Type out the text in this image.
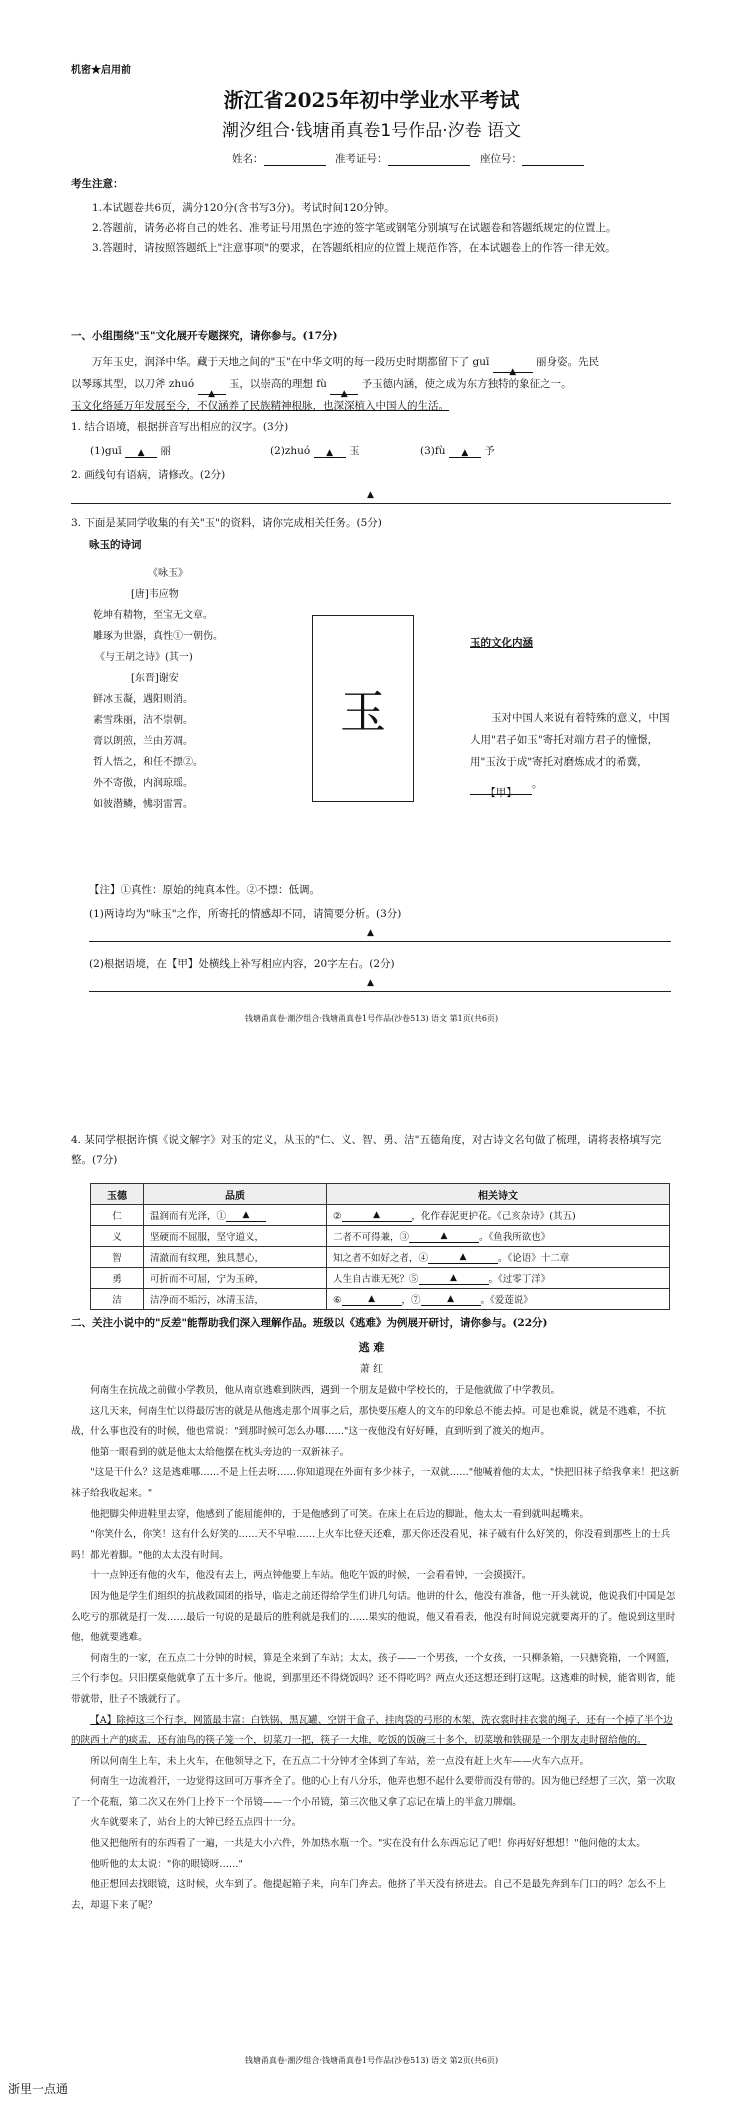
机密★启用前
浙江省2025年初中学业水平考试
潮汐组合·钱塘甬真卷1号作品·汐卷 语文
姓名：	准考证号：	座位号：
考生注意：
1.本试题卷共6页，满分120分(含书写3分)。考试时间120分钟。
2.答题前，请务必将自己的姓名、准考证号用黑色字迹的签字笔或钢笔分别填写在试题卷和答题纸规定的位置上。
3.答题时，请按照答题纸上"注意事项"的要求，在答题纸相应的位置上规范作答，在本试题卷上的作答一律无效。
一、小组围绕"玉"文化展开专题探究，请你参与。(17分)
万年玉史，润泽中华。藏于天地之间的"玉"在中华文明的每一段历史时期都留下了 guī ▲ 丽身姿。先民
以琴琢其型，以刀斧 zhuó ▲ 玉，以崇高的理想 fù ▲ 予玉德内涵，使之成为东方独特的象征之一。
玉文化络延万年发展至今，不仅涵养了民族精神根脉，也深深植入中国人的生活。
1. 结合语境，根据拼音写出相应的汉字。(3分)
(1)guī ▲ 丽	(2)zhuó ▲ 玉	(3)fù ▲ 予
2. 画线句有语病，请修改。(2分)
▲
3. 下面是某同学收集的有关"玉"的资料，请你完成相关任务。(5分)
咏玉的诗词
《咏玉》
[唐]韦应物
乾坤有精物，至宝无文章。
雕琢为世器，真性①一朝伤。
《与王胡之诗》(其一)
[东晋]谢安
鲜冰玉凝，遇阳则消。
素雪珠丽，洁不崇朝。
膏以朗煎，兰由芳凋。
哲人悟之，和任不摽②。
外不寄傲，内润琼瑶。
如彼潜鳞，怫羽雷霄。
玉
玉的文化内涵
玉对中国人来说有着特殊的意义，中国人用"君子如玉"寄托对端方君子的憧憬，用"玉汝于成"寄托对磨炼成才的希冀，【甲】。
【注】①真性：原始的纯真本性。②不摽：低调。
(1)两诗均为"咏玉"之作，所寄托的情感却不同，请简要分析。(3分)
▲
(2)根据语境，在【甲】处横线上补写相应内容，20字左右。(2分)
▲
钱塘甬真卷·潮汐组合·钱塘甬真卷1号作品(沙卷513) 语文 第1页(共6页)
4. 某同学根据许慎《说文解字》对玉的定义，从玉的"仁、义、智、勇、洁"五德角度，对古诗文名句做了梳理，请将表格填写完整。(7分)
玉德	品质	相关诗文
仁	温润而有光泽，① ▲	② ▲ ，化作春泥更护花。《己亥杂诗》(其五)
义	坚硬而不屈服，坚守道义，	二者不可得兼，③ ▲ 。《鱼我所欲也》
智	清澈而有纹理，独具慧心，	知之者不如好之者，④ ▲ 。《论语》十二章
勇	可折而不可屈，宁为玉碎，	人生自古谁无死？⑤ ▲ 。《过零丁洋》
洁	洁净而不垢污，冰清玉洁，	⑥ ▲ ，⑦ ▲ 。《爱莲说》
二、关注小说中的"反差"能帮助我们深入理解作品。班级以《逃难》为例展开研讨，请你参与。(22分)
逃 难
萧 红

何南生在抗战之前做小学教员，他从南京逃难到陕西，遇到一个朋友是做中学校长的，于是他就做了中学教员。

这几天来，何南生忙以得最厉害的就是从他逃走那个周事之后，那快要压瘪人的文车的印象总不能去掉。可是也难说，就是不逃难，不抗战，什么事也没有的时候，他也常说："到那时候可怎么办哪……"这一夜他没有好好睡，直到听到了渡关的炮声。

他第一眼看到的就是他太太给他摆在枕头旁边的一双新袜子。

"这是干什么？这是逃难哪……不是上任去呀……你知道现在外面有多少袜子，一双就……"他喊着他的太太，"快把旧袜子给我拿来！把这新袜子给我收起来。"

他把脚尖伸进鞋里去穿，他感到了能屈能伸的，于是他感到了可笑。在床上在后边的脚趾，他太太一看到就叫起嘴来。

"你笑什么，你笑！这有什么好笑的……天不早啦……上火车比登天还难，那天你还没看见，袜子破有什么好笑的，你没看到那些上的士兵吗！都光着脚。"他的太太没有时间。

十一点钟还有他的火车，他没有去上，两点钟他要上车站。他吃午饭的时候，一会看看钟，一会摸摸汗。

因为他是学生们组织的抗战救国团的指导，临走之前还得给学生们讲几句话。他讲的什么，他没有准备，他一开头就说，他说我们中国是怎么吃亏的那就是打一发……最后一句说的是最后的胜利就是我们的……果实的他说，他又看看表，他没有时间说完就要离开的了。他说到这里时他，他就要逃难。

何南生的一家，在五点二十分钟的时候，算是全来到了车站；太太，孩子——一个男孩，一个女孩，一只柳条箱，一只搪瓷箱，一个网篮，三个行李包。只旧摆桌他就拿了五十多斤。他说，到那里还不得烧饭吗？还不得吃吗？两点火还这想还到打这呢。这逃难的时候，能省则省，能带就带，肚子不饿就行了。

【A】除掉这三个行李，网篮最丰富：白铁锅、黑瓦罐、空饼干盒子、挂肉袋的弓形的木架、洗衣裳时挂衣裳的绳子，还有一个掉了半个边的陕西土产的痰盂，还有油鸟的筷子笼一个，切菜刀一把，筷子一大堆，吃饭的饭碗三十多个，切菜墩和铁砚是一个朋友走时留给他的。

所以何南生上车，未上火车，在他领导之下，在五点二十分钟才全体到了车站，差一点没有赶上火车——火车六点开。

何南生一边流着汗，一边觉得这回可万事齐全了。他的心上有八分乐，他弄也想不起什么要带而没有带的。因为他已经想了三次，第一次取了一个花瓶，第二次又在外门上拎下一个吊镜——一个小吊镜，第三次他又拿了忘记在墙上的半盒刀牌烟。

火车就要来了，站台上的大钟已经五点四十一分。

他又把他所有的东西看了一遍，一共是大小六件，外加热水瓶一个。"实在没有什么东西忘记了吧！你再好好想想！"他问他的太太。

他听他的太太说："你的眼镜呀……"

他正想回去找眼镜，这时候，火车到了。他提起箱子来，向车门奔去。他挤了半天没有挤进去。自己不是最先奔到车门口的吗？怎么不上去，却退下来了呢？

钱塘甬真卷·潮汐组合·钱塘甬真卷1号作品(沙卷513) 语文 第2页(共6页)
浙里一点通
